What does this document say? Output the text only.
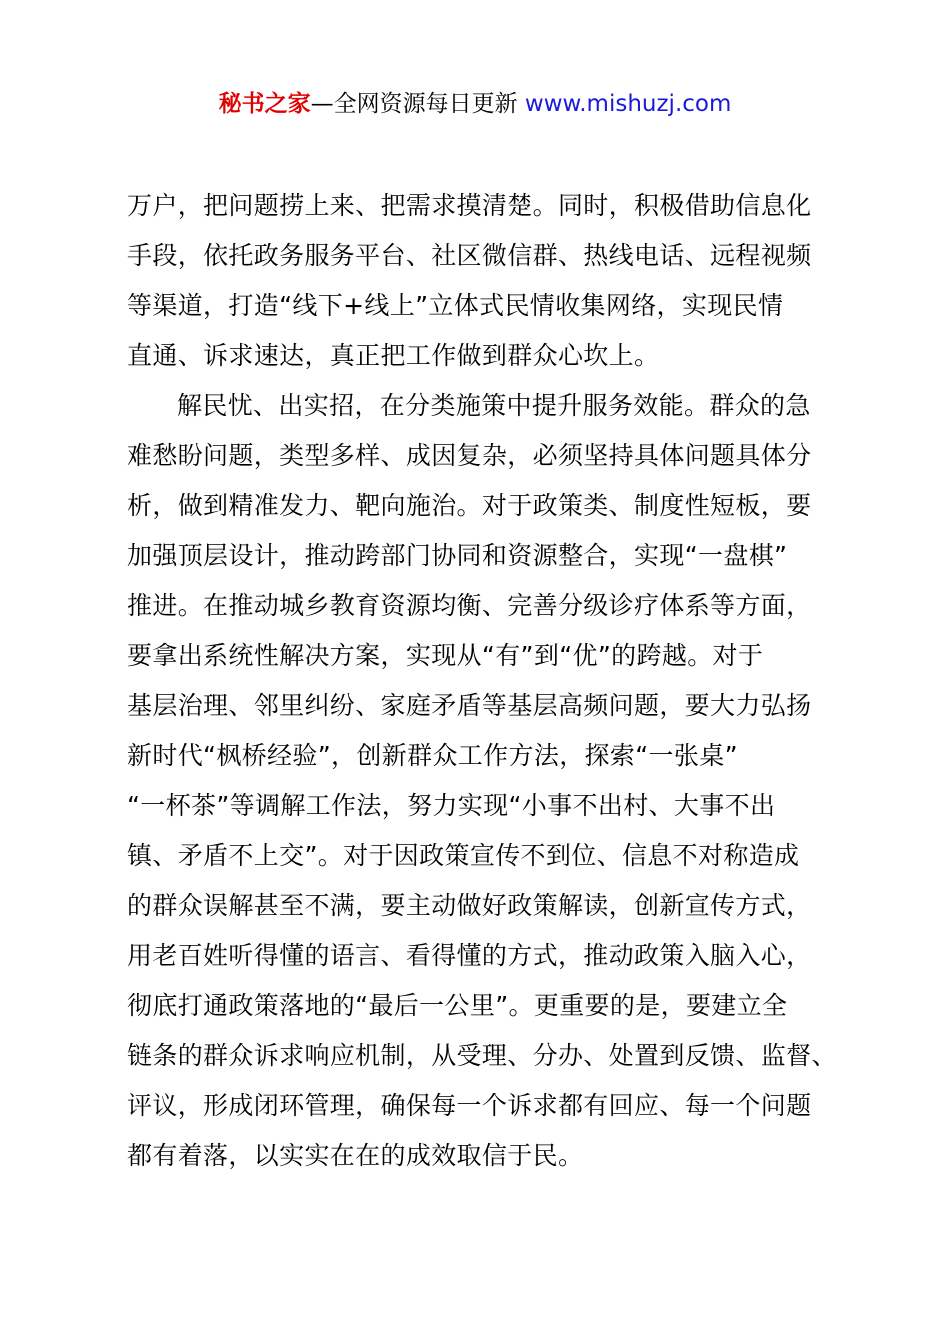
秘书之家—全网资源每日更新 www.mishuzj.com
万户，把问题捞上来、把需求摸清楚。同时，积极借助信息化
手段，依托政务服务平台、社区微信群、热线电话、远程视频
等渠道，打造“线下+线上”立体式民情收集网络，实现民情
直通、诉求速达，真正把工作做到群众心坎上。
解民忧、出实招，在分类施策中提升服务效能。群众的急
难愁盼问题，类型多样、成因复杂，必须坚持具体问题具体分
析，做到精准发力、靶向施治。对于政策类、制度性短板，要
加强顶层设计，推动跨部门协同和资源整合，实现“一盘棋”
推进。在推动城乡教育资源均衡、完善分级诊疗体系等方面，
要拿出系统性解决方案，实现从“有”到“优”的跨越。对于
基层治理、邻里纠纷、家庭矛盾等基层高频问题，要大力弘扬
新时代“枫桥经验”，创新群众工作方法，探索“一张桌”
“一杯茶”等调解工作法，努力实现“小事不出村、大事不出
镇、矛盾不上交”。对于因政策宣传不到位、信息不对称造成
的群众误解甚至不满，要主动做好政策解读，创新宣传方式，
用老百姓听得懂的语言、看得懂的方式，推动政策入脑入心，
彻底打通政策落地的“最后一公里”。更重要的是，要建立全
链条的群众诉求响应机制，从受理、分办、处置到反馈、监督、
评议，形成闭环管理，确保每一个诉求都有回应、每一个问题
都有着落，以实实在在的成效取信于民。
